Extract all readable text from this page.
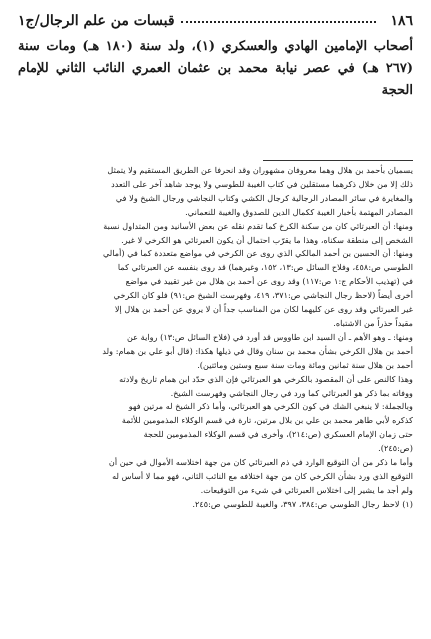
١٨٦
قبسات من علم الرجال/ج١

أصحاب الإمامين الهادي والعسكري (١)، ولد سنة (١٨٠ هـ) ومات سنة (٢٦٧ هـ) في عصر نيابة محمد بن عثمان العمري النائب الثاني للإمام الحجة

يسميان بأحمد بن هلال وهما معروفان مشهوران وقد انحرفا عن الطريق المستقيم ولا يتمثل

ذلك إلا من خلال ذكرهما مستقلين في كتاب الغيبة للطوسي ولا يوجد شاهد آخر على التعدد

والمغايرة في سائر المصادر الرجالية كرجال الكشي وكتاب النجاشي ورجال الشيخ ولا في

المصادر المهتمة بأخبار الغيبة ككمال الدين للصدوق والغيبة للنعماني.

ومنها: أن العبرتائي كان من سكنة الكرخ كما تقدم نقله عن بعض الأسانيد ومن المتداول نسبة

الشخص إلى منطقة سكناه، وهذا ما يقرّب احتمال أن يكون العبرتائي هو الكرخي لا غير.

ومنها: أن الحسين بن أحمد المالكي الذي روى عن الكرخي في مواضع متعددة كما في (أمالي

الطوسي ص:٤٥٨، وفلاح السائل ص:١٣، ١٥٢، وغيرهما) قد روى بنفسه عن العبرتائي كما

في (تهذيب الأحكام ج:١ ص:١١٧) وقد روى عن أحمد بن هلال من غير تقييد في مواضع

أخرى أيضاً (لاحظ رجال النجاشي ص:٣٧١، ٤١٩، وفهرست الشيخ ص:٩١) فلو كان الكرخي

غير العبرتائي وقد روى عن كليهما لكان من المناسب جداً أن لا يروي عن أحمد بن هلال إلا

مقيداً حذراً من الاشتباه.

ومنها: ـ وهو الأهم ـ أن السيد ابن طاووس قد أورد في (فلاح السائل ص:١٣) رواية عن

أحمد بن هلال الكرخي بشأن محمد بن سنان وقال في ذيلها هكذا: (قال أبو علي بن همام: ولد

أحمد بن هلال سنة ثمانين ومائة ومات سنة سبع وستين ومائتين).

وهذا كالنص على أن المقصود بالكرخي هو العبرتائي فإن الذي حدّد ابن همام تاريخ ولادته

ووفاته بما ذكر هو العبرتائي كما ورد في رجال النجاشي وفهرست الشيخ.

وبالجملة: لا ينبغي الشك في كون الكرخي هو العبرتائي، وأما ذكر الشيخ له مرتين فهو

كذكره لأبي طاهر محمد بن علي بن بلال مرتين، تارة في قسم الوكلاء المذمومين للأئمة

حتى زمان الإمام العسكري (ص:٢١٤)، وأخرى في قسم الوكلاء المذمومين للحجة

(ص:٢٤٥).

وأما ما ذكر من أن التوقيع الوارد في ذم العبرتائي كان من جهة اختلاسه الأموال في حين أن

التوقيع الذي ورد بشأن الكرخي كان من جهة اختلافه مع النائب الثاني، فهو مما لا أساس له

ولم أجد ما يشير إلى اختلاس العبرتائي في شيء من التوقيعات.

(١) لاحظ رجال الطوسي ص:٣٨٤، ٣٩٧، والغيبة للطوسي ص:٢٤٥.
